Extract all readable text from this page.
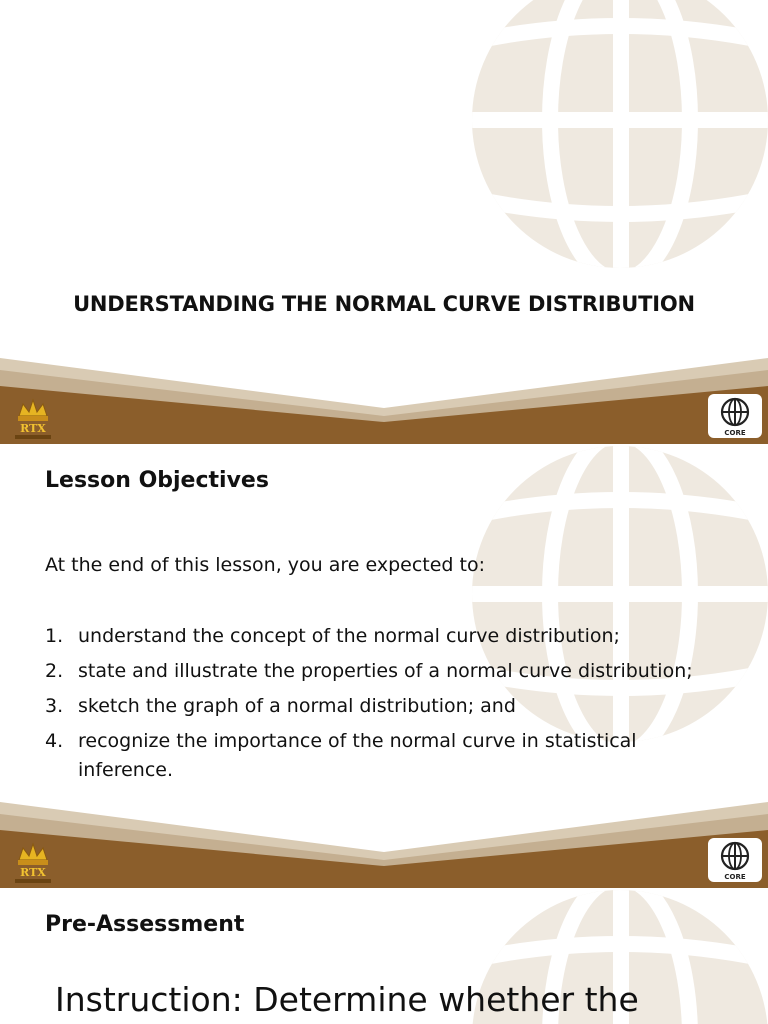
UNDERSTANDING THE NORMAL CURVE DISTRIBUTION
RTX	CORE
Lesson Objectives
At the end of this lesson, you are expected to:
1. understand the concept of the normal curve distribution;
2. state and illustrate the properties of a normal curve distribution;
3. sketch the graph of a normal distribution; and
4. recognize the importance of the normal curve in statistical inference.
RTX	CORE
Pre-Assessment
Instruction: Determine whether the
